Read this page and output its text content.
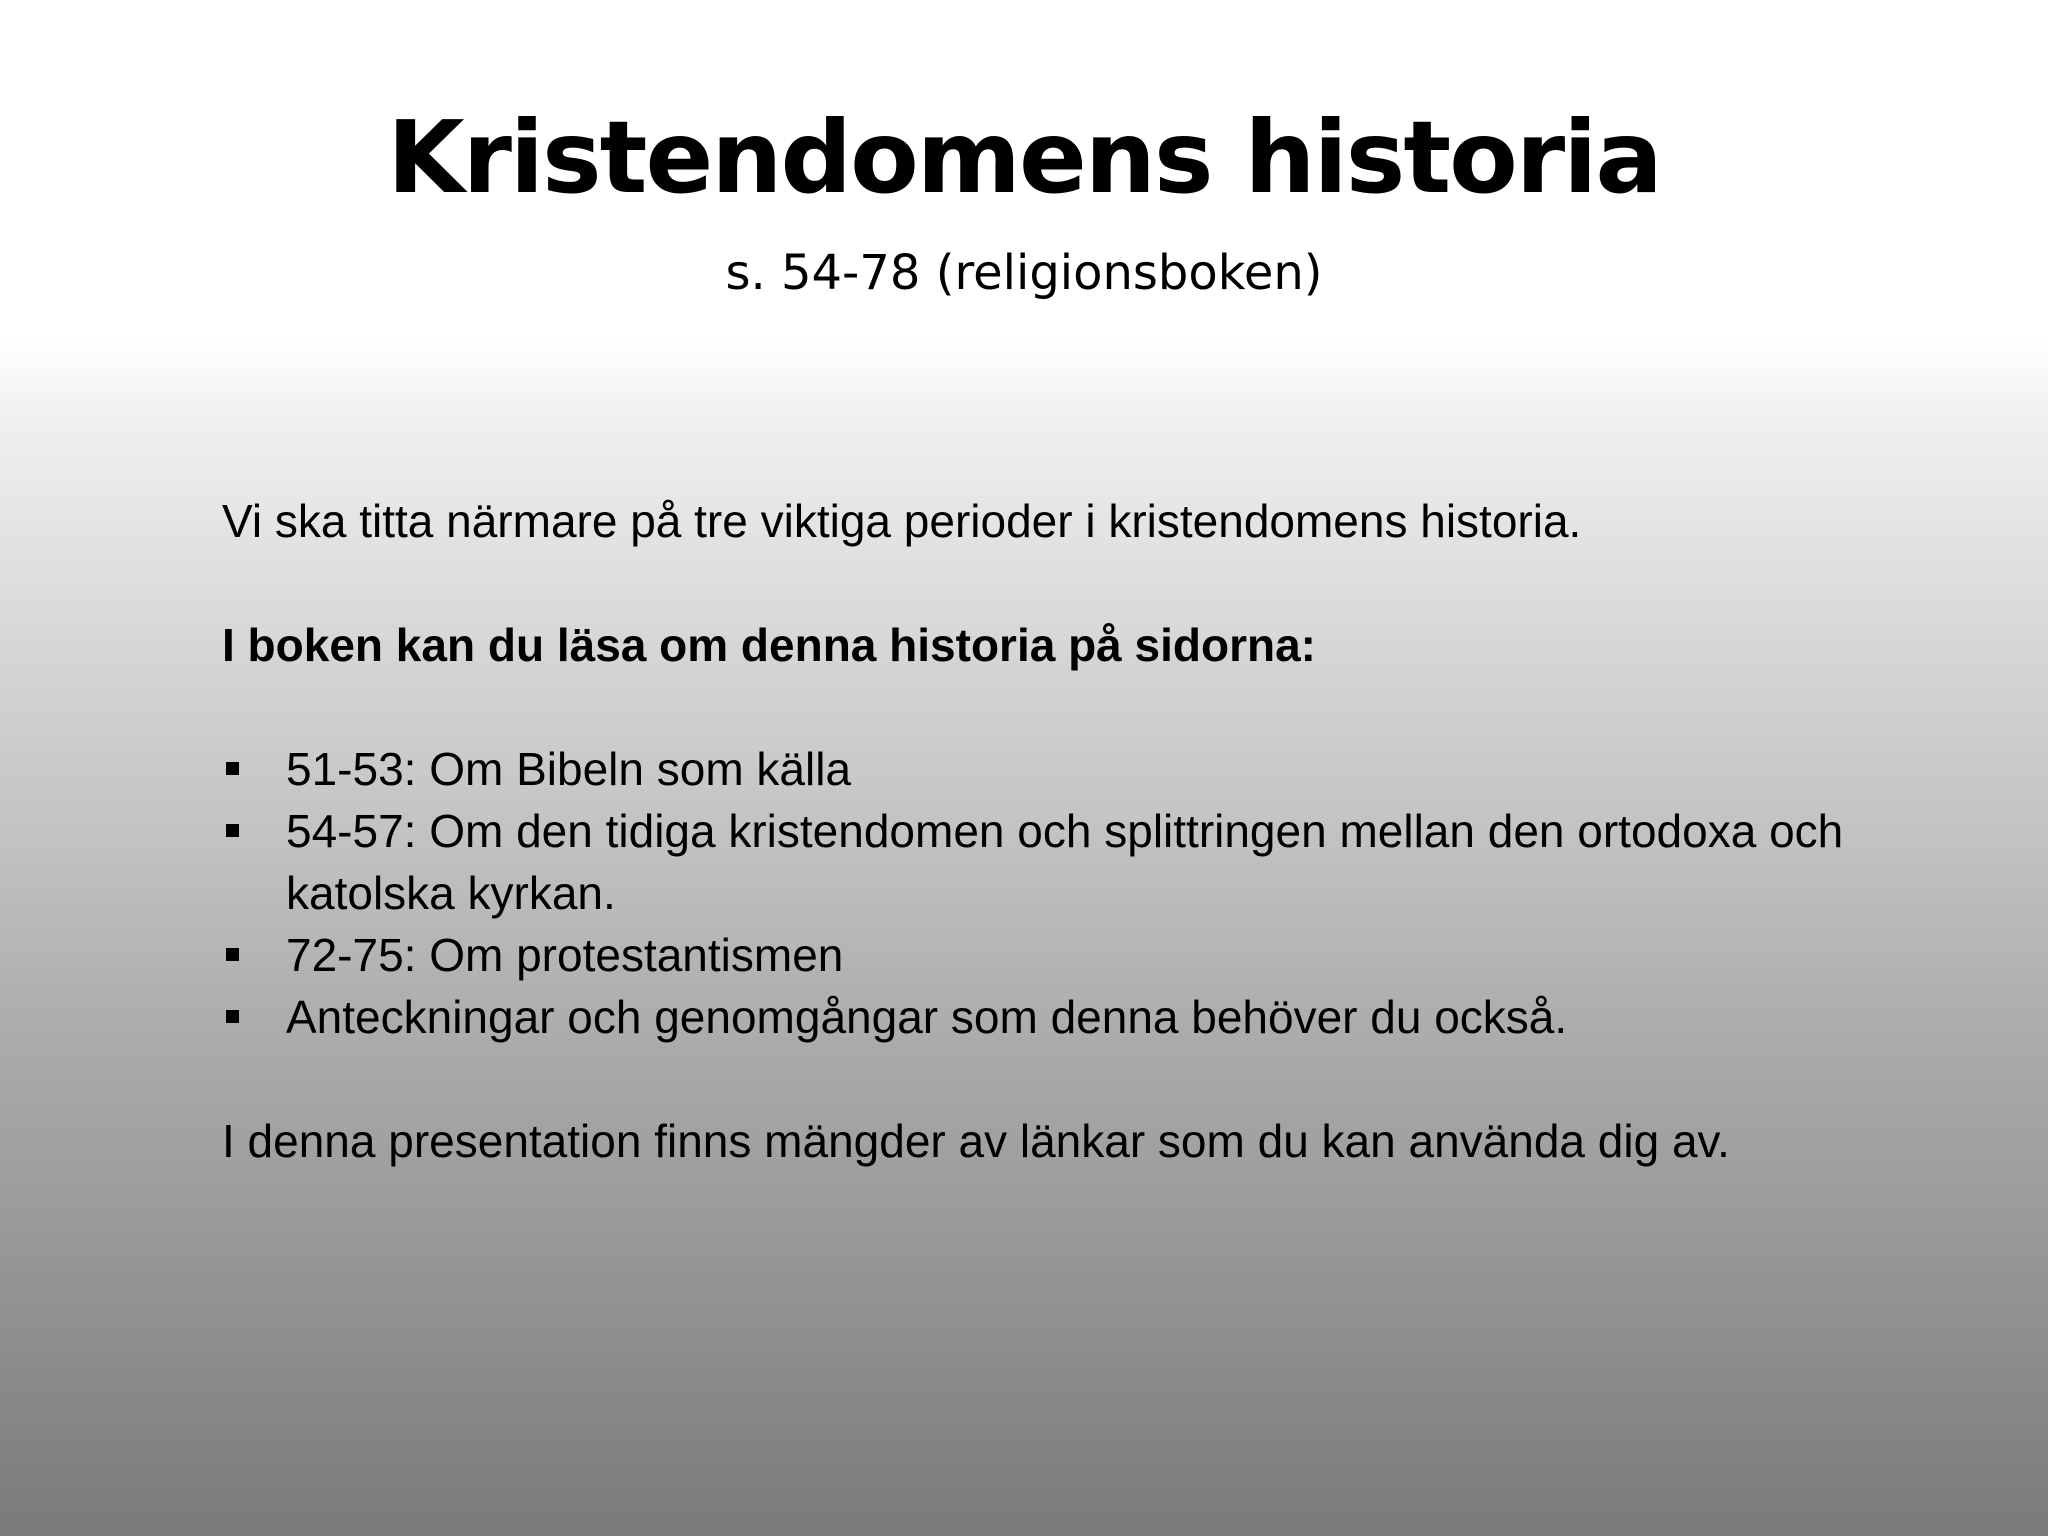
Kristendomens historia
s. 54-78 (religionsboken)

Vi ska titta närmare på tre viktiga perioder i kristendomens historia.

I boken kan du läsa om denna historia på sidorna:

51-53: Om Bibeln som källa
54-57: Om den tidiga kristendomen och splittringen mellan den ortodoxa och katolska kyrkan.
72-75: Om protestantismen
Anteckningar och genomgångar som denna behöver du också.

I denna presentation finns mängder av länkar som du kan använda dig av.
